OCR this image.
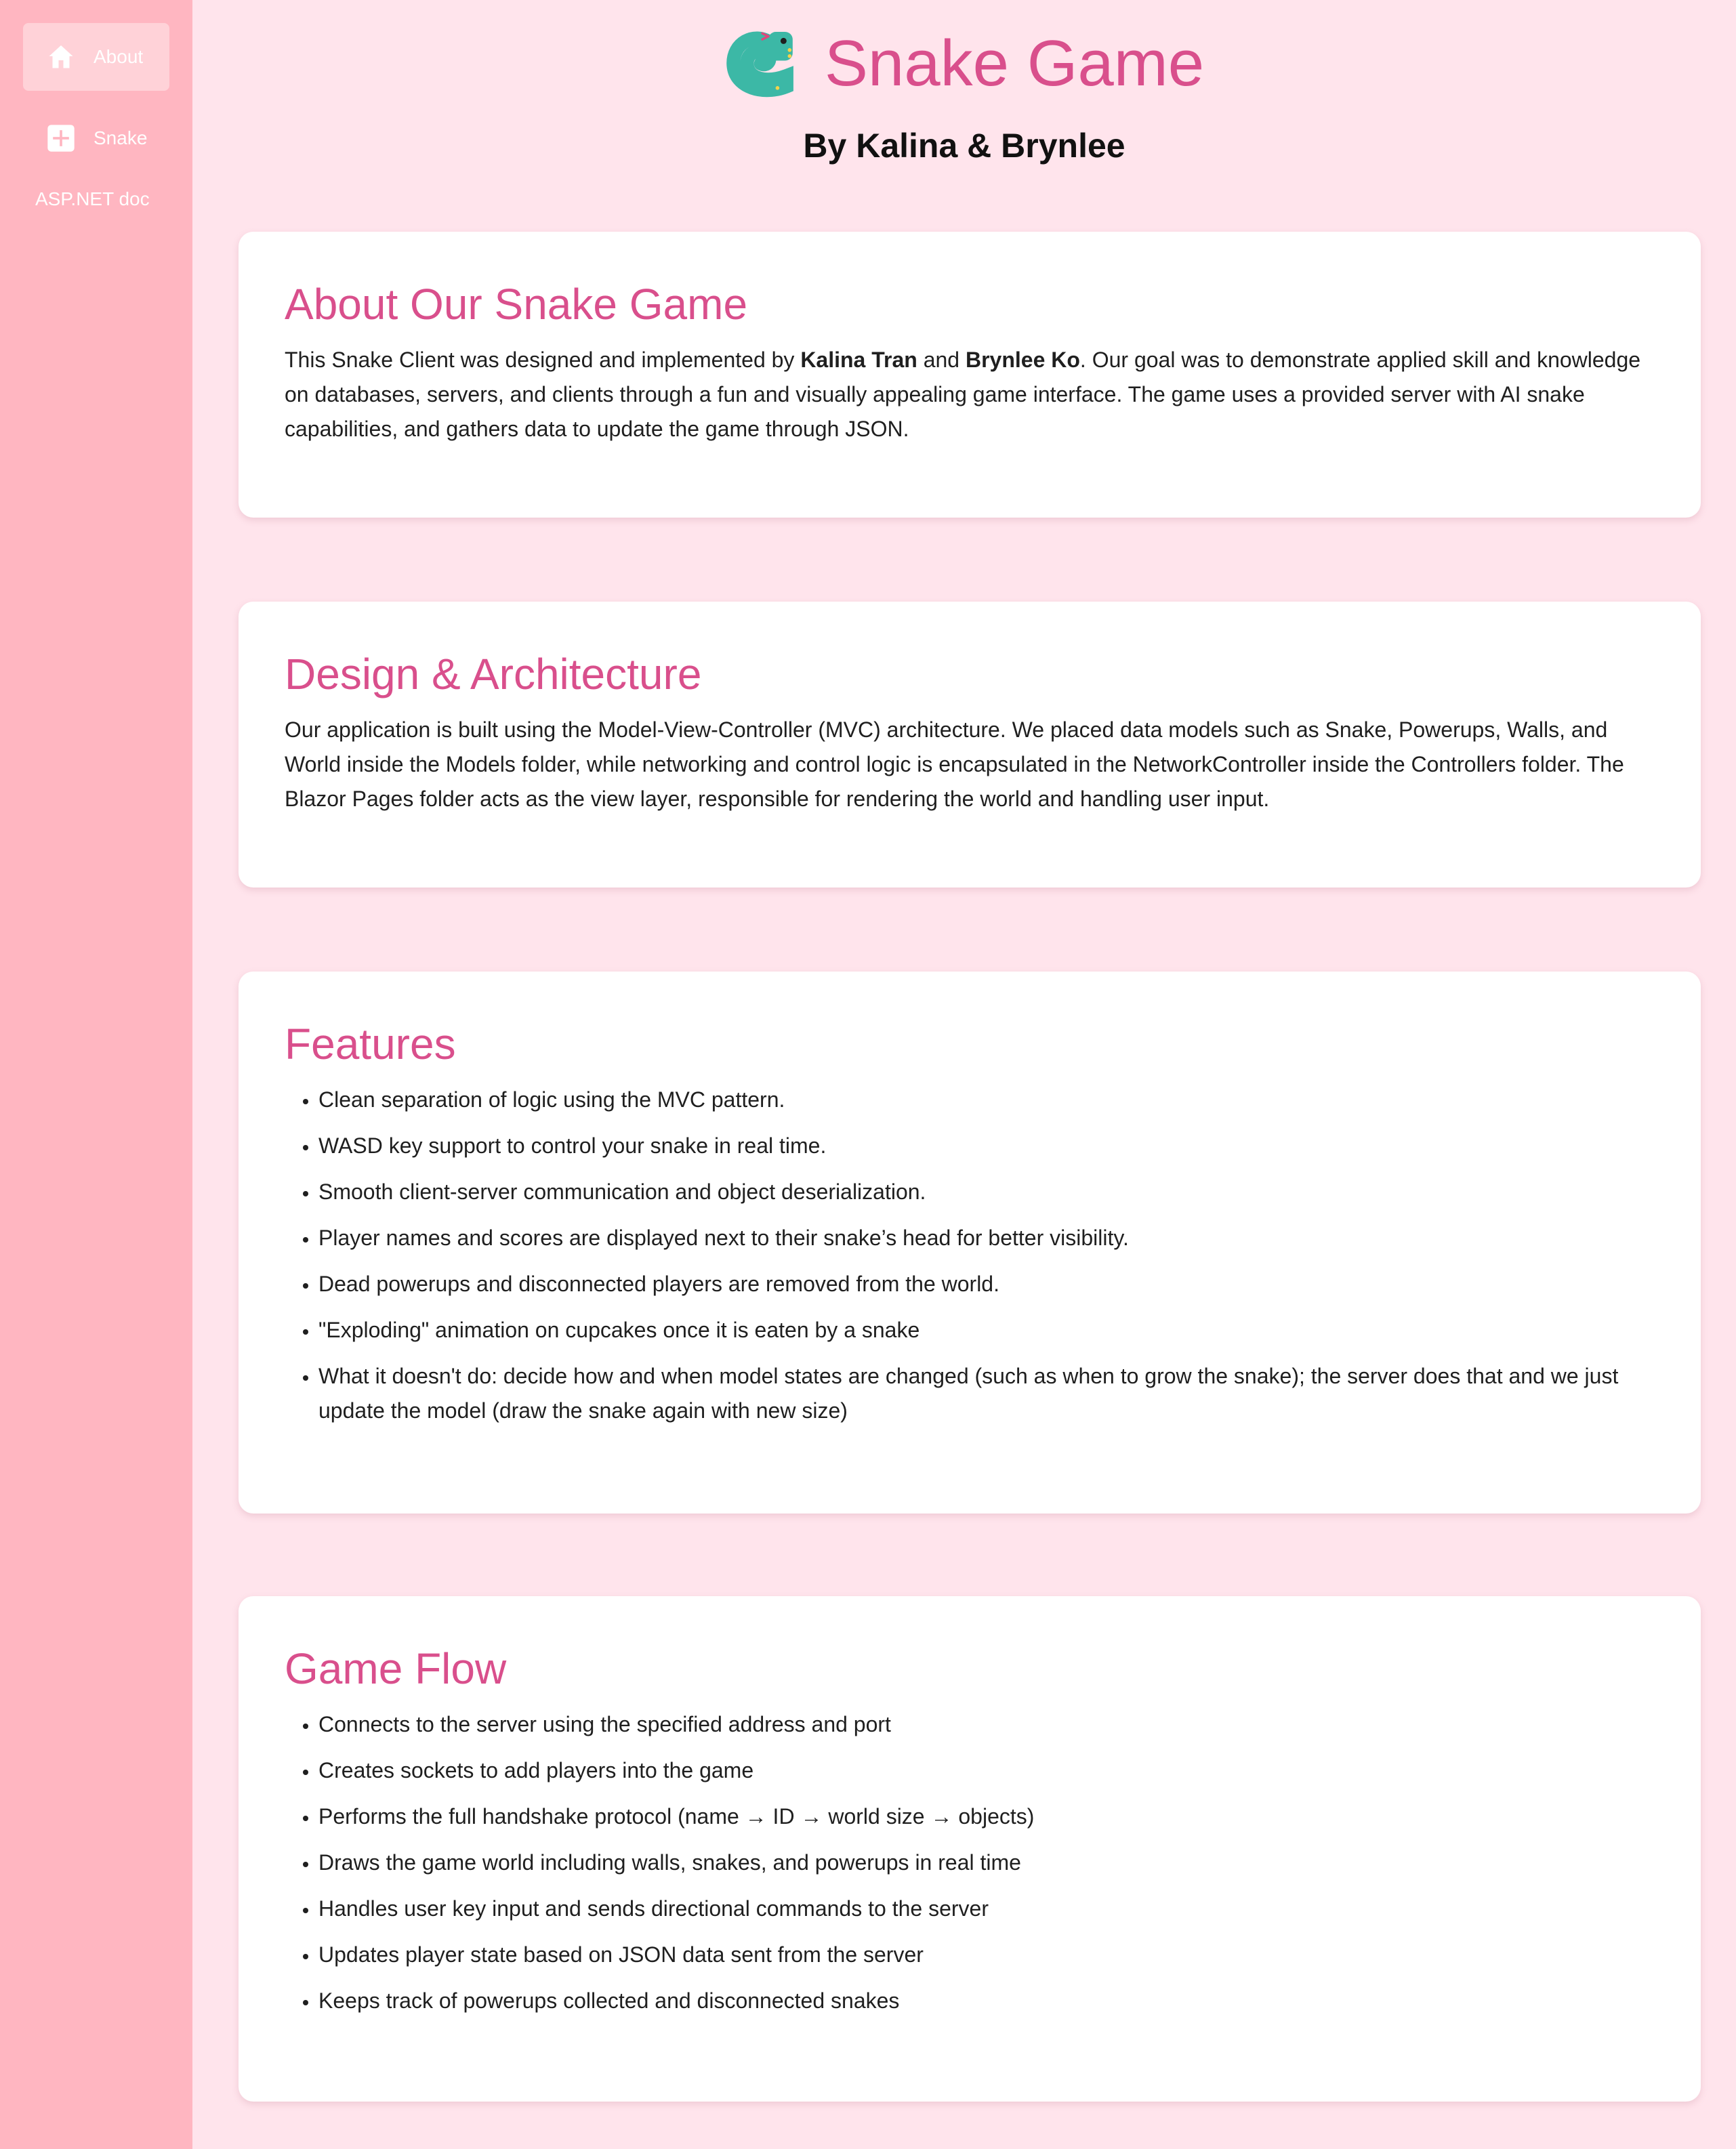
About
Snake
ASP.NET doc
Snake Game
By Kalina & Brynlee
About Our Snake Game

This Snake Client was designed and implemented by Kalina Tran and Brynlee Ko. Our goal was to demonstrate applied skill and knowledge on databases, servers, and clients through a fun and visually appealing game interface. The game uses a provided server with AI snake capabilities, and gathers data to update the game through JSON.

Design & Architecture

Our application is built using the Model-View-Controller (MVC) architecture. We placed data models such as Snake, Powerups, Walls, and World inside the Models folder, while networking and control logic is encapsulated in the NetworkController inside the Controllers folder. The Blazor Pages folder acts as the view layer, responsible for rendering the world and handling user input.

Features
• Clean separation of logic using the MVC pattern.
• WASD key support to control your snake in real time.
• Smooth client-server communication and object deserialization.
• Player names and scores are displayed next to their snake’s head for better visibility.
• Dead powerups and disconnected players are removed from the world.
• "Exploding" animation on cupcakes once it is eaten by a snake
• What it doesn't do: decide how and when model states are changed (such as when to grow the snake); the server does that and we just update the model (draw the snake again with new size)
Game Flow
• Connects to the server using the specified address and port
• Creates sockets to add players into the game
• Performs the full handshake protocol (name → ID → world size → objects)
• Draws the game world including walls, snakes, and powerups in real time
• Handles user key input and sends directional commands to the server
• Updates player state based on JSON data sent from the server
• Keeps track of powerups collected and disconnected snakes
